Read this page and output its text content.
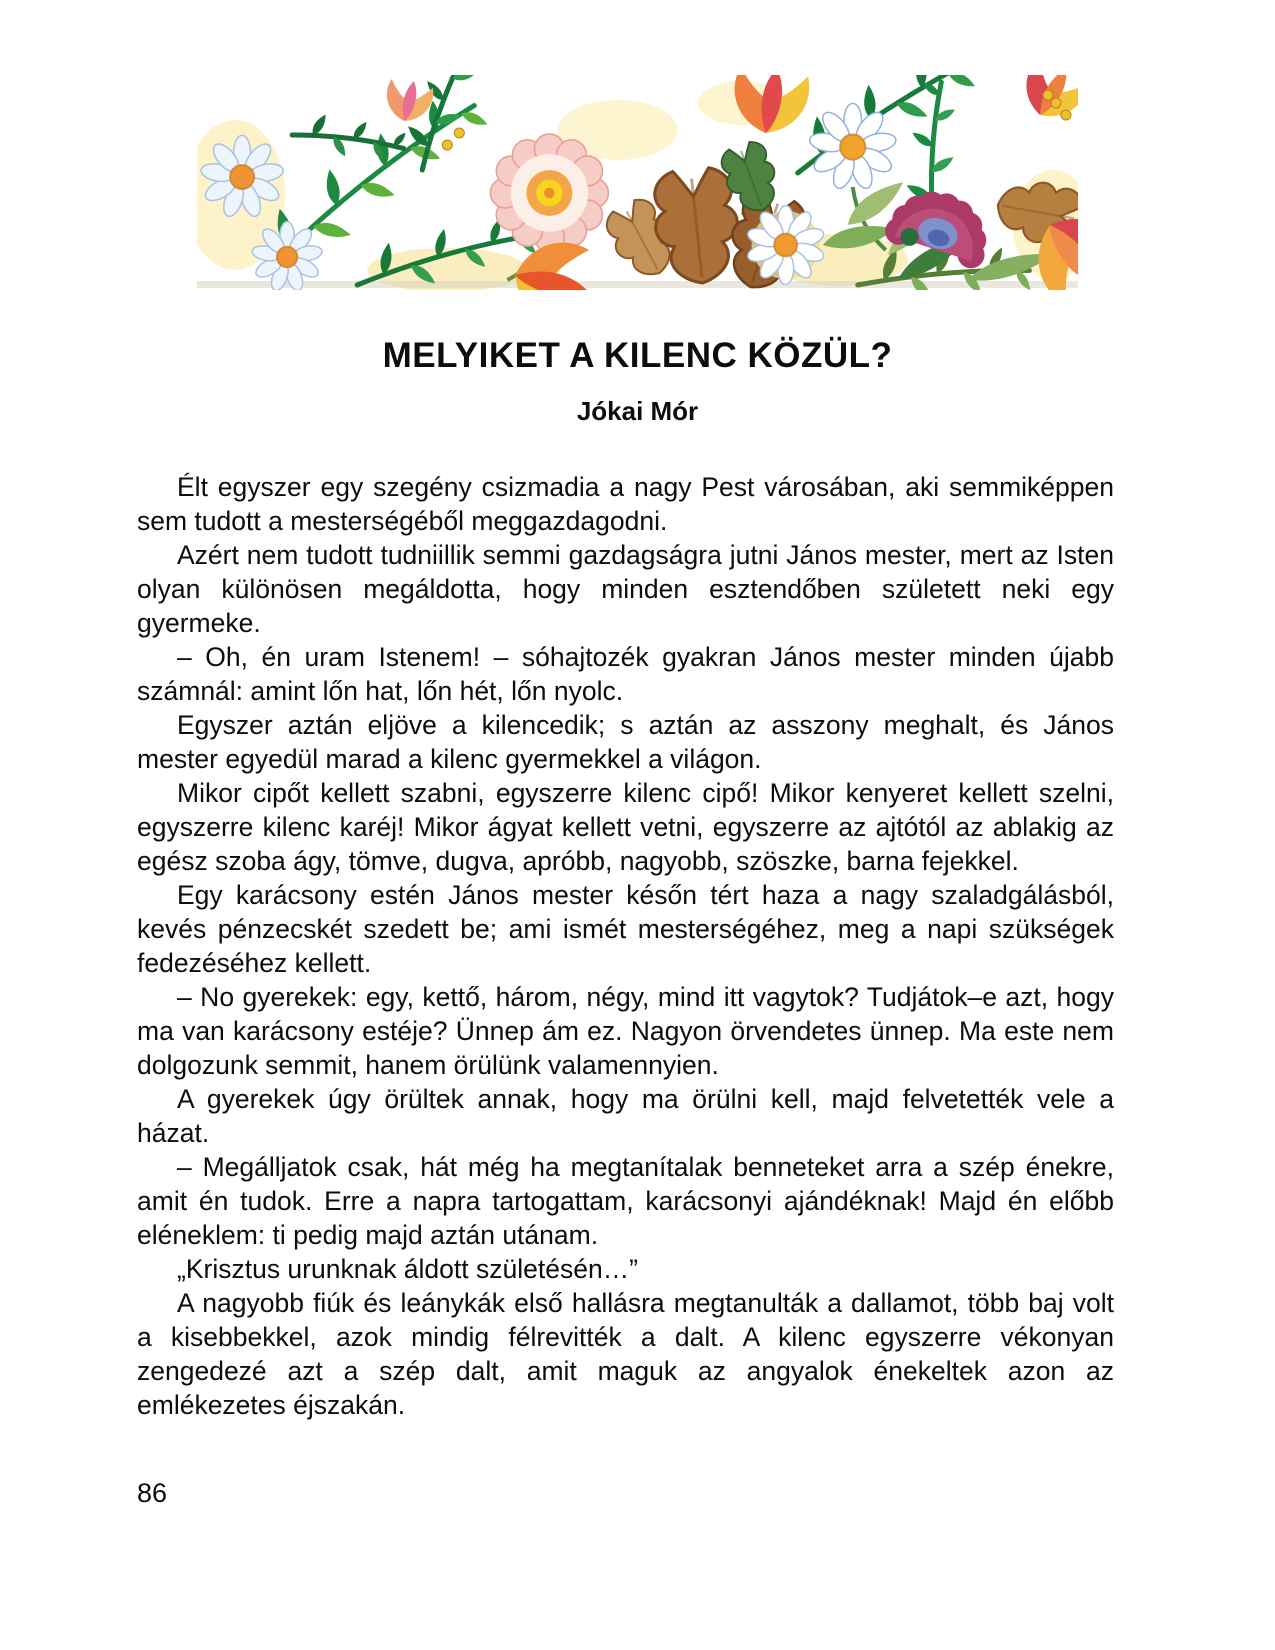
MELYIKET A KILENC KÖZÜL?
Jókai Mór

Élt egyszer egy szegény csizmadia a nagy Pest városában, aki semmiképpen sem tudott a mesterségéből meggazdagodni.

Azért nem tudott tudniillik semmi gazdagságra jutni János mester, mert az Isten olyan különösen megáldotta, hogy minden esztendőben született neki egy gyermeke.

– Oh, én uram Istenem! – sóhajtozék gyakran János mester minden újabb számnál: amint lőn hat, lőn hét, lőn nyolc.

Egyszer aztán eljöve a kilencedik; s aztán az asszony meghalt, és János mester egyedül marad a kilenc gyermekkel a világon.

Mikor cipőt kellett szabni, egyszerre kilenc cipő! Mikor kenyeret kellett szelni, egyszerre kilenc karéj! Mikor ágyat kellett vetni, egyszerre az ajtótól az ablakig az egész szoba ágy, tömve, dugva, apróbb, nagyobb, szöszke, barna fejekkel.

Egy karácsony estén János mester későn tért haza a nagy szaladgálásból, kevés pénzecskét szedett be; ami ismét mesterségéhez, meg a napi szükségek fedezéséhez kellett.

– No gyerekek: egy, kettő, három, négy, mind itt vagytok? Tudjátok–e azt, hogy ma van karácsony estéje? Ünnep ám ez. Nagyon örvendetes ünnep. Ma este nem dolgozunk semmit, hanem örülünk valamennyien.

A gyerekek úgy örültek annak, hogy ma örülni kell, majd felvetették vele a házat.

– Megálljatok csak, hát még ha megtanítalak benneteket arra a szép énekre, amit én tudok. Erre a napra tartogattam, karácsonyi ajándéknak! Majd én előbb eléneklem: ti pedig majd aztán utánam.

„Krisztus urunknak áldott születésén…”

A nagyobb fiúk és leánykák első hallásra megtanulták a dallamot, több baj volt a kisebbekkel, azok mindig félrevitték a dalt. A kilenc egyszerre vékonyan zengedezé azt a szép dalt, amit maguk az angyalok énekeltek azon az emlékezetes éjszakán.

86
